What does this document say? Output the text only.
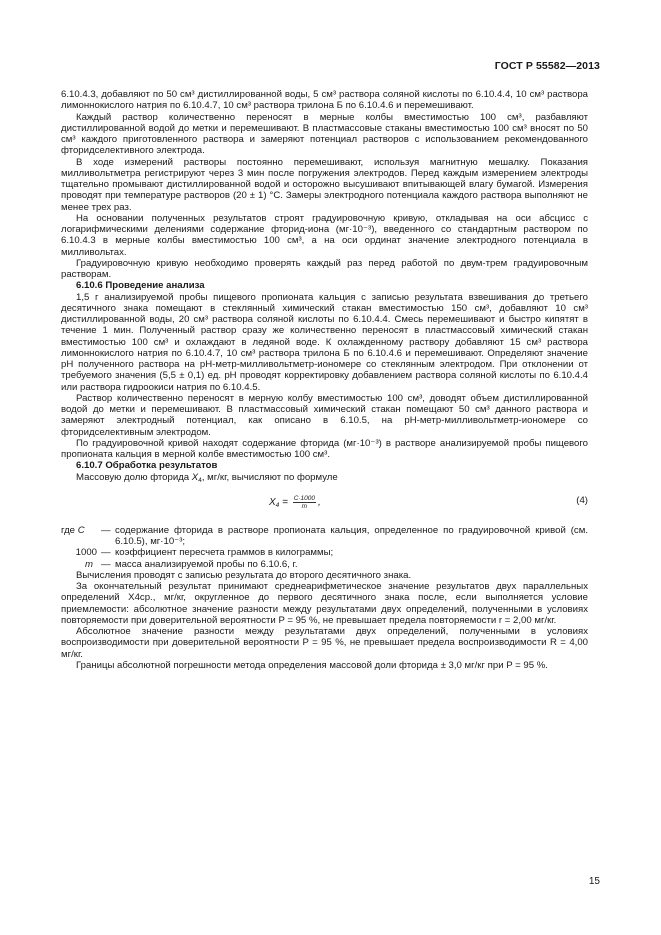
ГОСТ Р 55582—2013

6.10.4.3, добавляют по 50 см³ дистиллированной воды, 5 см³ раствора соляной кислоты по 6.10.4.4, 10 см³ раствора лимоннокислого натрия по 6.10.4.7, 10 см³ раствора трилона Б по 6.10.4.6 и перемешивают.

Каждый раствор количественно переносят в мерные колбы вместимостью 100 см³, разбавляют дистиллированной водой до метки и перемешивают. В пластмассовые стаканы вместимостью 100 см³ вносят по 50 см³ каждого приготовленного раствора и замеряют потенциал растворов с использованием рекомендованного фторидселективного электрода.

В ходе измерений растворы постоянно перемешивают, используя магнитную мешалку. Показания милливольтметра регистрируют через 3 мин после погружения электродов. Перед каждым измерением электроды тщательно промывают дистиллированной водой и осторожно высушивают впитывающей влагу бумагой. Измерения проводят при температуре растворов (20 ± 1) °С. Замеры электродного потенциала каждого раствора выполняют не менее трех раз.

На основании полученных результатов строят градуировочную кривую, откладывая на оси абсцисс с логарифмическими делениями содержание фторид-иона (мг·10⁻³), введенного со стандартным раствором по 6.10.4.3 в мерные колбы вместимостью 100 см³, а на оси ординат значение электродного потенциала в милливольтах.

Градуировочную кривую необходимо проверять каждый раз перед работой по двум-трем градуировочным растворам.

6.10.6 Проведение анализа

1,5 г анализируемой пробы пищевого пропионата кальция с записью результата взвешивания до третьего десятичного знака помещают в стеклянный химический стакан вместимостью 150 см³, добавляют 10 см³ дистиллированной воды, 20 см³ раствора соляной кислоты по 6.10.4.4. Смесь перемешивают и быстро кипятят в течение 1 мин. Полученный раствор сразу же количественно переносят в пластмассовый химический стакан вместимостью 100 см³ и охлаждают в ледяной воде. К охлажденному раствору добавляют 15 см³ раствора лимоннокислого натрия по 6.10.4.7, 10 см³ раствора трилона Б по 6.10.4.6 и перемешивают. Определяют значение pH полученного раствора на pH-метр-милливольтметр-иономере со стеклянным электродом. При отклонении от требуемого значения (5,5 ± 0,1) ед. pH проводят корректировку добавлением раствора соляной кислоты по 6.10.4.4 или раствора гидроокиси натрия по 6.10.4.5.

Раствор количественно переносят в мерную колбу вместимостью 100 см³, доводят объем дистиллированной водой до метки и перемешивают. В пластмассовый химический стакан помещают 50 см³ данного раствора и замеряют электродный потенциал, как описано в 6.10.5, на pH-метр-милливольтметр-иономере со фторидселективным электродом.

По градуировочной кривой находят содержание фторида (мг·10⁻³) в растворе анализируемой пробы пищевого пропионата кальция в мерной колбе вместимостью 100 см³.

6.10.7 Обработка результатов

Массовую долю фторида $X_4$, мг/кг, вычисляют по формуле

$X_4 = \frac{C\cdot 1000}{m}$ ,	(4)
где C	— содержание фторида в растворе пропионата кальция, определенное по градуировочной кривой (см. 6.10.5), мг·10⁻³;
1000 — коэффициент пересчета граммов в килограммы;
m — масса анализируемой пробы по 6.10.6, г.

Вычисления проводят с записью результата до второго десятичного знака.

За окончательный результат принимают среднеарифметическое значение результатов двух параллельных определений X4ср., мг/кг, округленное до первого десятичного знака после, если выполняется условие приемлемости: абсолютное значение разности между результатами двух определений, полученными в условиях повторяемости при доверительной вероятности P = 95 %, не превышает предела повторяемости r = 2,00 мг/кг.

Абсолютное значение разности между результатами двух определений, полученными в условиях воспроизводимости при доверительной вероятности P = 95 %, не превышает предела воспроизводимости R = 4,00 мг/кг.

Границы абсолютной погрешности метода определения массовой доли фторида ± 3,0 мг/кг при P = 95 %.

15
